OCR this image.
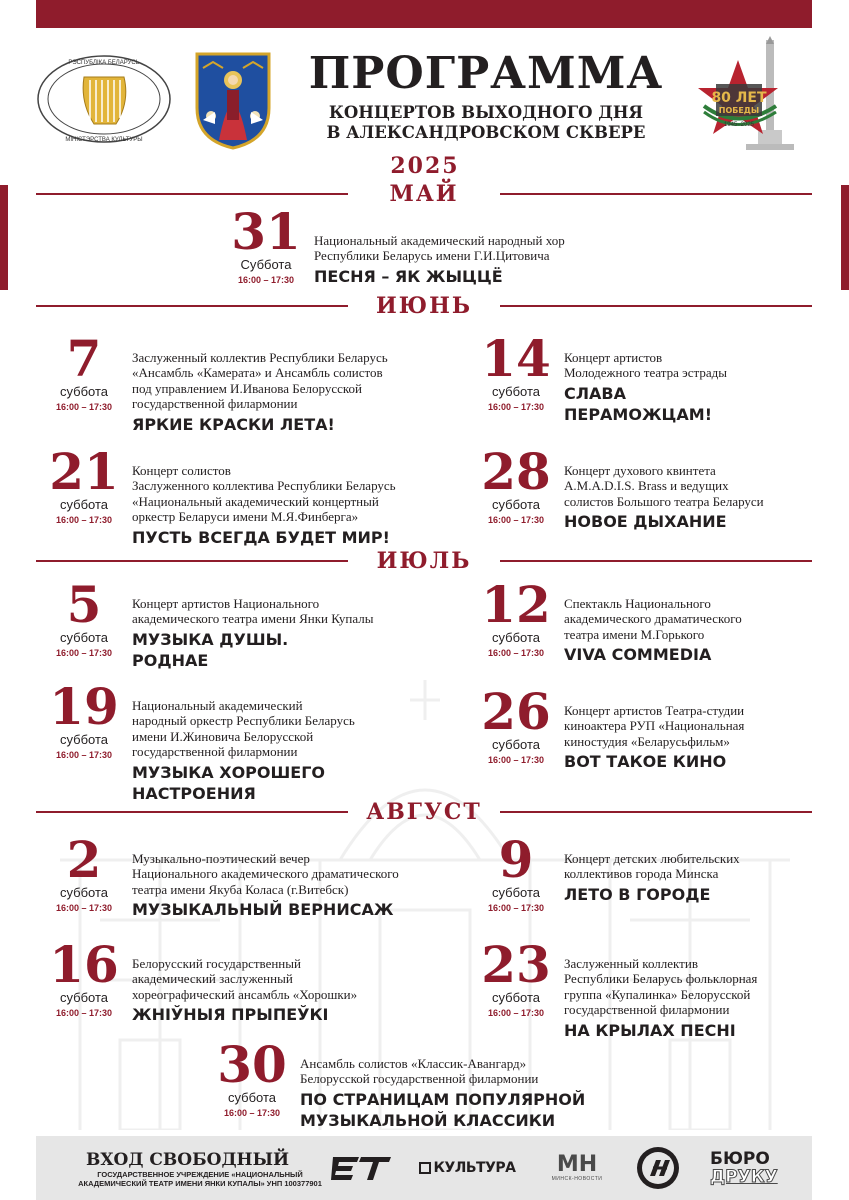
РЭСПУБЛІКА БЕЛАРУСЬ
МІНІСТЭРСТВА КУЛЬТУРЫ
80 ЛЕТ
ПОБЕДЫ
1945–2025
ПРОГРАММА
КОНЦЕРТОВ ВЫХОДНОГО ДНЯ
В АЛЕКСАНДРОВСКОМ СКВЕРЕ
2025
МАЙ
ИЮНЬ
ИЮЛЬ
АВГУСТ
31
Суббота
16:00 – 17:30

Национальный академический народный хор
Республики Беларусь имени Г.И.Цитовича

ПЕСНЯ – ЯК ЖЫЦЦЁ

7
суббота
16:00 – 17:30

Заслуженный коллектив Республики Беларусь
«Ансамбль «Камерата» и Ансамбль солистов
под управлением И.Иванова Белорусской
государственной филармонии

ЯРКИЕ КРАСКИ ЛЕТА!

14
суббота
16:00 – 17:30

Концерт артистов
Молодежного театра эстрады

СЛАВА
ПЕРАМОЖЦАМ!

21
суббота
16:00 – 17:30

Концерт солистов
Заслуженного коллектива Республики Беларусь
«Национальный академический концертный
оркестр Беларуси имени М.Я.Финберга»

ПУСТЬ ВСЕГДА БУДЕТ МИР!

28
суббота
16:00 – 17:30

Концерт духового квинтета
A.M.A.D.I.S. Brass и ведущих
солистов Большого театра Беларуси

НОВОЕ ДЫХАНИЕ

5
суббота
16:00 – 17:30

Концерт артистов Национального
академического театра имени Янки Купалы

МУЗЫКА ДУШЫ.
РОДНАЕ

12
суббота
16:00 – 17:30

Спектакль Национального
академического драматического
театра имени М.Горького

VIVA COMMEDIA

19
суббота
16:00 – 17:30

Национальный академический
народный оркестр Республики Беларусь
имени И.Жиновича Белорусской
государственной филармонии

МУЗЫКА ХОРОШЕГО
НАСТРОЕНИЯ

26
суббота
16:00 – 17:30

Концерт артистов Театра-студии
киноактера РУП «Национальная
киностудия «Беларусьфильм»

ВОТ ТАКОЕ КИНО

2
суббота
16:00 – 17:30

Музыкально-поэтический вечер
Национального академического драматического
театра имени Якуба Коласа (г.Витебск)

МУЗЫКАЛЬНЫЙ ВЕРНИСАЖ

9
суббота
16:00 – 17:30

Концерт детских любительских
коллективов города Минска

ЛЕТО В ГОРОДЕ

16
суббота
16:00 – 17:30

Белорусский государственный
академический заслуженный
хореографический ансамбль «Хорошки»

ЖНІЎНЫЯ ПРЫПЕЎКІ

23
суббота
16:00 – 17:30

Заслуженный коллектив
Республики Беларусь фольклорная
группа «Купалинка» Белорусской
государственной филармонии

НА КРЫЛАХ ПЕСНІ

30
суббота
16:00 – 17:30

Ансамбль солистов «Классик-Авангард»
Белорусской государственной филармонии

ПО СТРАНИЦАМ ПОПУЛЯРНОЙ
МУЗЫКАЛЬНОЙ КЛАССИКИ

ВХОД СВОБОДНЫЙ
ГОСУДАРСТВЕННОЕ УЧРЕЖДЕНИЕ «НАЦИОНАЛЬНЫЙ
АКАДЕМИЧЕСКИЙ ТЕАТР ИМЕНИ ЯНКИ КУПАЛЫ» УНП 100377901
КУЛЬТУРА МН
МИНСК-НОВОСТИ
БЮРО
ДРУКУ
